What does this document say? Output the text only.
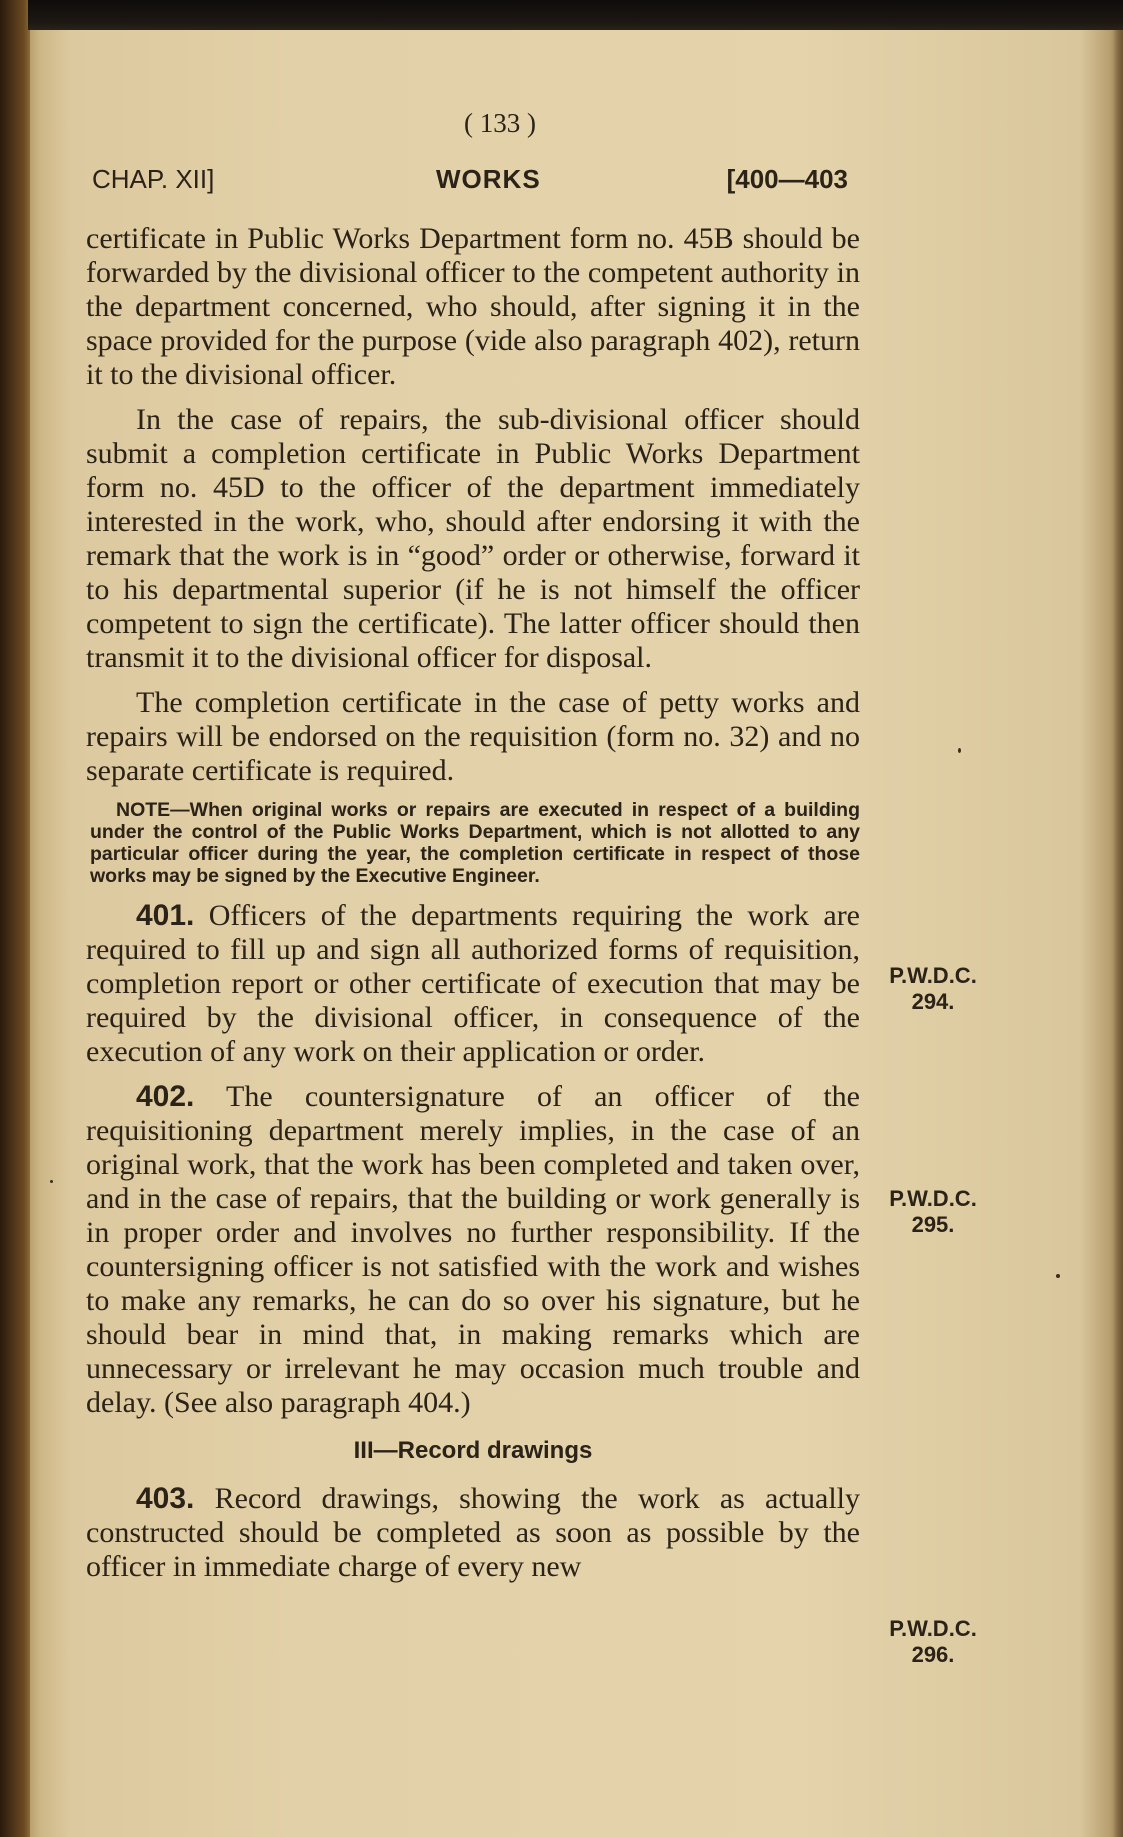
( 133 )
CHAP. XII]	WORKS	[400—403

certificate in Public Works Department form no. 45B should be forwarded by the divisional officer to the competent authority in the department concerned, who should, after signing it in the space provided for the purpose (vide also paragraph 402), return it to the divisional officer.

In the case of repairs, the sub-divisional officer should submit a completion certificate in Public Works Department form no. 45D to the officer of the department immediately interested in the work, who, should after endorsing it with the remark that the work is in “good” order or otherwise, forward it to his departmental superior (if he is not himself the officer competent to sign the certificate). The latter officer should then transmit it to the divisional officer for disposal.

The completion certificate in the case of petty works and repairs will be endorsed on the requisition (form no. 32) and no separate certificate is required.

NOTE—When original works or repairs are executed in respect of a building under the control of the Public Works Department, which is not allotted to any particular officer during the year, the completion certificate in respect of those works may be signed by the Executive Engineer.

401. Officers of the departments requiring the work are required to fill up and sign all authorized forms of requisition, completion report or other certificate of execution that may be required by the divisional officer, in consequence of the execution of any work on their application or order.

402. The countersignature of an officer of the requisitioning department merely implies, in the case of an original work, that the work has been completed and taken over, and in the case of repairs, that the building or work generally is in proper order and involves no further responsibility. If the countersigning officer is not satisfied with the work and wishes to make any remarks, he can do so over his signature, but he should bear in mind that, in making remarks which are unnecessary or irrelevant he may occasion much trouble and delay. (See also paragraph 404.)

III—Record drawings

403. Record drawings, showing the work as actually constructed should be completed as soon as possible by the officer in immediate charge of every new

P.W.D.C.
294.
P.W.D.C.
295.
P.W.D.C.
296.
